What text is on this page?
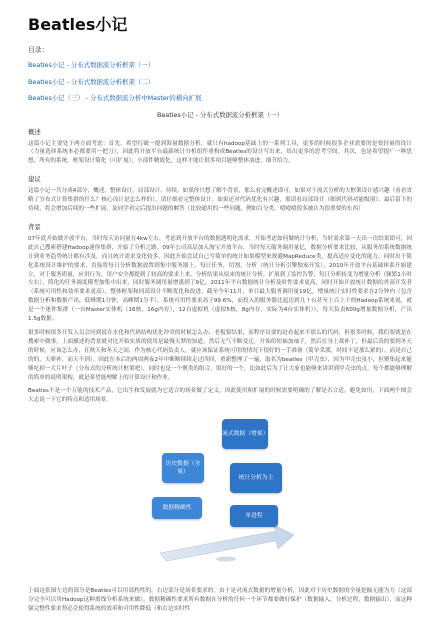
Beatles小记
目录：
Beatles小记 - 分布式数据流分析框架（一）
Beatles小记 - 分布式数据流分析框架（二）
Beatles小记（三） - 分布式数据流分析中Master的横向扩展
Beatles小记 - 分布式数据流分析框架（一）
概述

这篇小记主要处于两方面考虑：首先，希望打破一提到海量数据分析，就只有hadoop基础上的一系列工具，更多的时候很多企业需要的是要轻量的设计（力量选择系统本必都要用一把刀），因此将开放平台最新统计分析组件重构成Beatles的设计写出来，给出更多的思考空间。其次，也是希望提广一种思想，所有的系统，框架设计简化（可扩展），小部件精致化，这样才能让很多项目能够整体演进，细节给力。

建议

这篇小记一共分成4部分，概述，整体设计，局部设计，待续。如果你只想了解个背景，那么看完概述即可，如果对于流式分析的大框架设计感兴趣（看看省略了分布式计算集群的什么？核心设计是怎么样的），请仔细看完整体设计。如果还对代码优化有兴趣，那请看局部设计（细到代码功能级别），最后留下的待续，将会增加后续的一些扩展，及同学看完后提出问题的解答（比较通用的一些问题，例如百分类，噎噎噎很多被认为很重要的东西）

背景

07年底开始做开放平台，当时每天访问量在4kw左右，考虑到开放平台的数据透明化需求，开始考虑如何做统计分析，当时需求第一天出一次结果即可，因此自己搜索搭建Hadoop迷你集群，开始了分析之路。09年公司高层加入淘宝开放平台，当时每天服务调用量亿，数据分析要求比较，从服务的系统数据统计到业务趋势统计都有涉及，而且统计需求变化较多，因此开始尝试自己写简单的统计如果模型来规避MapReduce类，提高适应变化的能力，同时出于简化系统设计维护的要求，直接将每日分析数据放置到集中服务器上，每日任务，切割，分析（统计分析引擎独家开发），2010年开放平台基础体系开始建立，对于服务质量，应用行为，用户安全都提到了较高的要求上来，分析结果从原来的统计分析，扩展到了监控告警，每日分析转变为增量分析（频繁1小时左右），简化的任务调度模型加集中出来，同时服务调用量增涨到了9亿。2011年平台数据统计分析及时性要求更高，同时开始开放统计数据给外部开发者（系统可用性和效率要求更高），整体框架和同部设计不断优化和改进，截至今年11月，单日最大服务调用量19亿，增量统计实时性要求在2分钟内（包含数据分析和数据产出，低峰期1分钟，高峰期1分半），系统可用性要求高于99.6%，而投入的服务器比起达到几十台甚至上百上千的Hadoop系统来说，就是一个迷你集群（一台Master实体机（16核，16g内存），12台虚拟机（虚拟5核，8g内存，实际为4台实体机）），每天负责600g增量数据分析，产出1.5g数据。

很多时候很多开发人员会问到说在水化和代码结构优化冲突的时候怎么办，老板要结果，而程序员要的是看起来不那么的代码，但很多时候，我们要就是在搜索中做事，上面描述的背景就对比开始实质的使用是最慢天梦的知道，然后无气不断变迁，开始给短袖加袖子，然后在身上裁补丁，但最后真的要到冬天的时候，应该怎么办，在秋天和冬天之间，作为核心代码负责人，就应该保证系统可用的情况下很好的一手准备（简单采派，时间不是那么紧的），而是自己的的，天骄补，而天不到）。因此在本后的两周两夜2年中断断续续走过四回，重新整理了一遍，取名为beatles（甲壳虫），因为甲壳虫虽小，但聚集起来能够吃掉一大片叶子（分布式的分析统计框架吧），同时也是一个聚类的组合，很好的一个，比如此后为了让大家也能够来讲讲到甲壳虫的点，每个都能够理解的简单的说明架构，就是希望能理解上的计算设计和作业。

Beatles不是一个万能的技术产品，它出生和发展就为它适合的场景做了定义，因此使用和扩展的时候需要明确的了解是否合适，避免如用，下面两个图会大志说一下它的特点和适用场景。

流式数据（增量）
历史数据（全量）
统计分析为主
数据精确性
单进程

上面这张图左边的部分是Beatles可以用部档性的，右边部分是场景要求的。由于是对流式数据的增量分析，因此对于历史数据的全量挖掘无能为力（这部分完全可以用Hadoop这种离线分析系统来做），数据精确性要求所有数据在分析的任何一个环节都要做好保护（数据输入，分析过程，数据输出），而这种强完整性要求势必会使得系统的效率和可用性降低（和右边实时性
